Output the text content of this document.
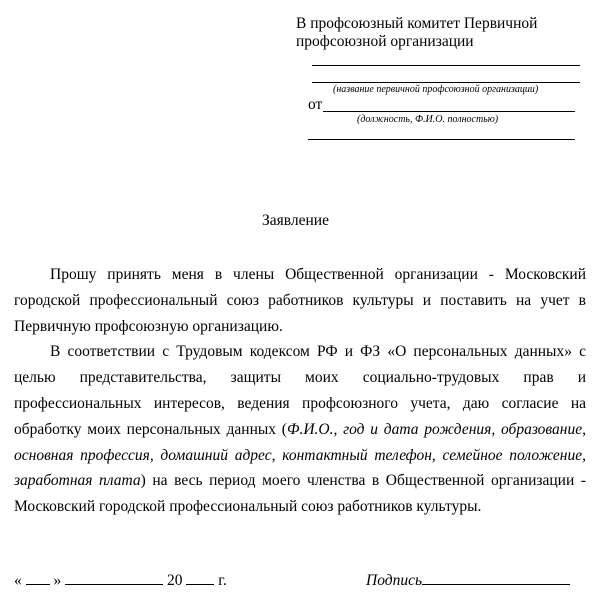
В профсоюзный комитет Первичной
профсоюзной организации
(название первичной профсоюзной организации)
от
(должность, Ф.И.О. полностью)
Заявление

Прошу принять меня в члены Общественной организации - Московский городской профессиональный союз работников культуры и поставить на учет в Первичную профсоюзную организацию.

В соответствии с Трудовым кодексом РФ и ФЗ «О персональных данных» с целью представительства, защиты моих социально-трудовых прав и профессиональных интересов, ведения профсоюзного учета, даю согласие на обработку моих персональных данных (Ф.И.О., год и дата рождения, образование, основная профессия, домашний адрес, контактный телефон, семейное положение, заработная плата) на весь период моего членства в Общественной организации - Московский городской профессиональный союз работников культуры.

« »	20 г.	Подпись
